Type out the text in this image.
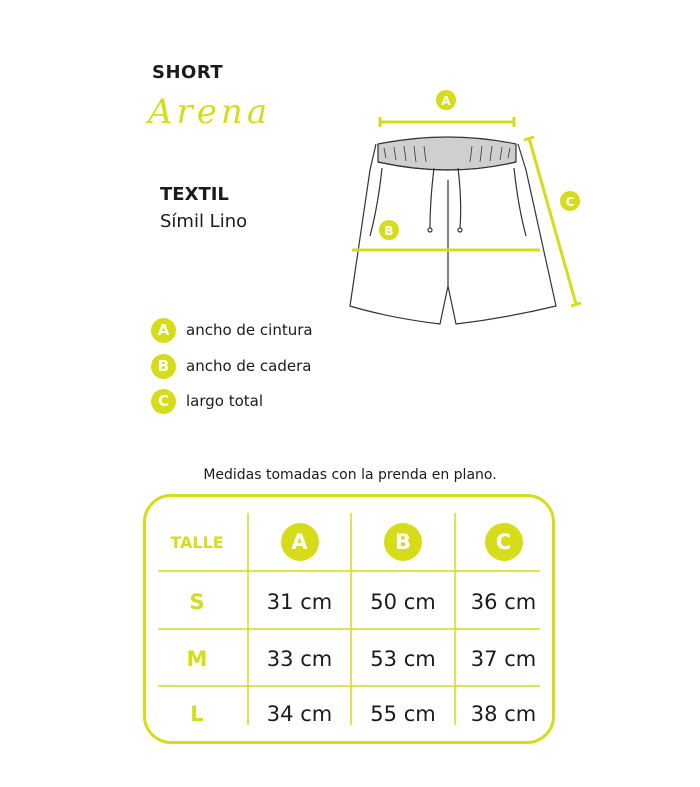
SHORT
Arena
TEXTIL
Símil Lino
A
B
C
A	ancho de cintura
B	ancho de cadera
C	largo total
Medidas tomadas con la prenda en plano.
TALLE	A	B	C
S	31 cm	50 cm	36 cm
M	33 cm	53 cm	37 cm
L	34 cm	55 cm	38 cm
